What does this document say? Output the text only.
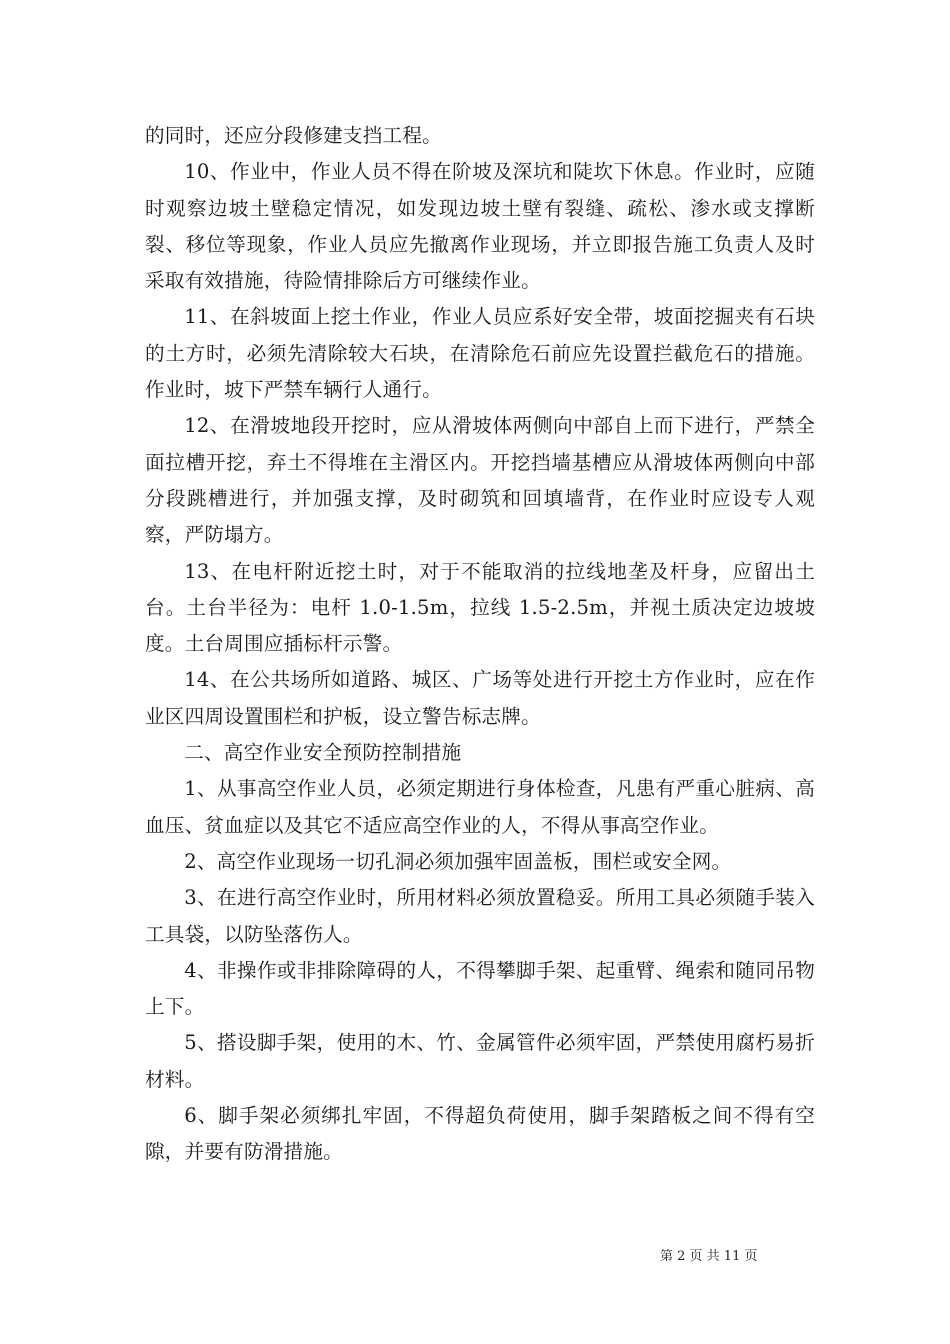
的同时，还应分段修建支挡工程。

10、作业中，作业人员不得在阶坡及深坑和陡坎下休息。作业时，应随时观察边坡土壁稳定情况，如发现边坡土壁有裂缝、疏松、渗水或支撑断裂、移位等现象，作业人员应先撤离作业现场，并立即报告施工负责人及时采取有效措施，待险情排除后方可继续作业。

11、在斜坡面上挖土作业，作业人员应系好安全带，坡面挖掘夹有石块的土方时，必须先清除较大石块，在清除危石前应先设置拦截危石的措施。作业时，坡下严禁车辆行人通行。

12、在滑坡地段开挖时，应从滑坡体两侧向中部自上而下进行，严禁全面拉槽开挖，弃土不得堆在主滑区内。开挖挡墙基槽应从滑坡体两侧向中部分段跳槽进行，并加强支撑，及时砌筑和回填墙背，在作业时应设专人观察，严防塌方。

13、在电杆附近挖土时，对于不能取消的拉线地垄及杆身，应留出土台。土台半径为：电杆 1.0-1.5m，拉线 1.5-2.5m，并视土质决定边坡坡度。土台周围应插标杆示警。

14、在公共场所如道路、城区、广场等处进行开挖土方作业时，应在作业区四周设置围栏和护板，设立警告标志牌。

二、高空作业安全预防控制措施

1、从事高空作业人员，必须定期进行身体检查，凡患有严重心脏病、高血压、贫血症以及其它不适应高空作业的人，不得从事高空作业。

2、高空作业现场一切孔洞必须加强牢固盖板，围栏或安全网。

3、在进行高空作业时，所用材料必须放置稳妥。所用工具必须随手装入工具袋，以防坠落伤人。

4、非操作或非排除障碍的人，不得攀脚手架、起重臂、绳索和随同吊物上下。

5、搭设脚手架，使用的木、竹、金属管件必须牢固，严禁使用腐朽易折材料。

6、脚手架必须绑扎牢固，不得超负荷使用，脚手架踏板之间不得有空隙，并要有防滑措施。

第 2 页 共 11 页
